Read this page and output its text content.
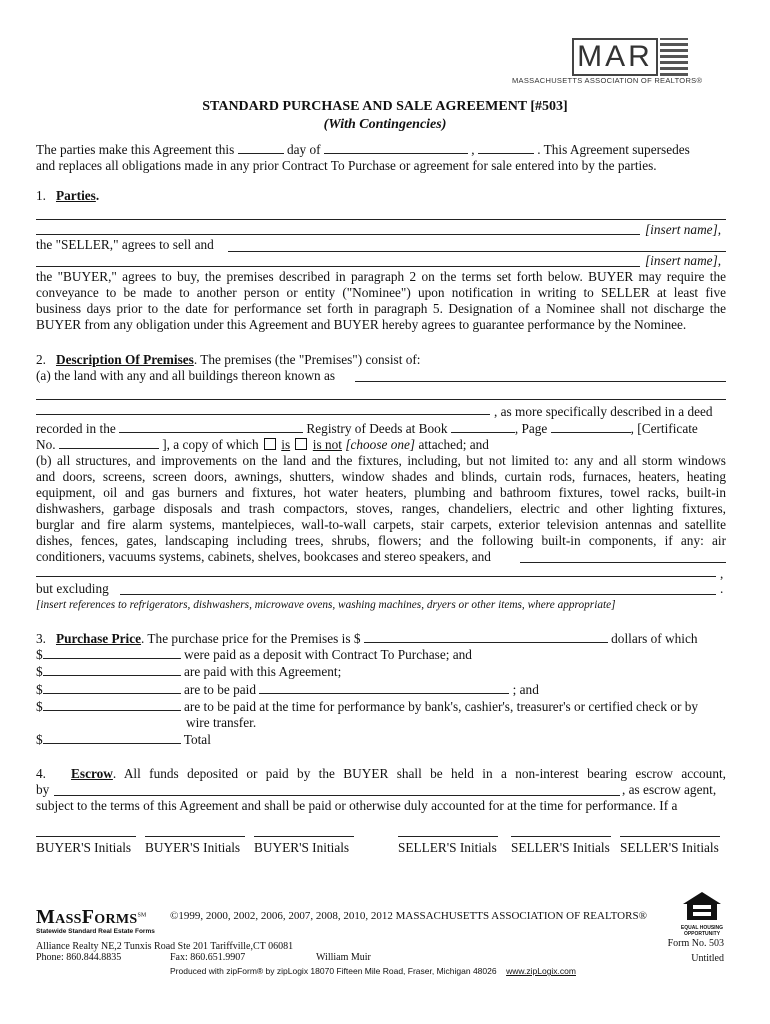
MAR
MASSACHUSETTS ASSOCIATION OF REALTORS®
STANDARD PURCHASE AND SALE AGREEMENT [#503]
(With Contingencies)
The parties make this Agreement this	day of	,	. This Agreement supersedes
and replaces all obligations made in any prior Contract To Purchase or agreement for sale entered into by the parties.
1. Parties.
[insert name],
the "SELLER," agrees to sell and
[insert name],
the "BUYER," agrees to buy, the premises described in paragraph 2 on the terms set forth below. BUYER may require the
conveyance to be made to another person or entity ("Nominee") upon notification in writing to SELLER at least five
business days prior to the date for performance set forth in paragraph 5. Designation of a Nominee shall not discharge the
BUYER from any obligation under this Agreement and BUYER hereby agrees to guarantee performance by the Nominee.
2. Description Of Premises. The premises (the "Premises") consist of:
(a) the land with any and all buildings thereon known as
, as more specifically described in a deed
recorded in the	Registry of Deeds at Book	, Page	, [Certificate
No.	], a copy of which is is not [choose one] attached; and
(b) all structures, and improvements on the land and the fixtures, including, but not limited to: any and all storm windows
and doors, screens, screen doors, awnings, shutters, window shades and blinds, curtain rods, furnaces, heaters, heating
equipment, oil and gas burners and fixtures, hot water heaters, plumbing and bathroom fixtures, towel racks, built-in
dishwashers, garbage disposals and trash compactors, stoves, ranges, chandeliers, electric and other lighting fixtures,
burglar and fire alarm systems, mantelpieces, wall-to-wall carpets, stair carpets, exterior television antennas and satellite
dishes, fences, gates, landscaping including trees, shrubs, flowers; and the following built-in components, if any: air
conditioners, vacuums systems, cabinets, shelves, bookcases and stereo speakers, and
,
but excluding	.
[insert references to refrigerators, dishwashers, microwave ovens, washing machines, dryers or other items, where appropriate]
3. Purchase Price. The purchase price for the Premises is $	dollars of which
$	were paid as a deposit with Contract To Purchase; and
$	are paid with this Agreement;
$	are to be paid	; and
$	are to be paid at the time for performance by bank's, cashier's, treasurer's or certified check or by
wire transfer.
$	Total
4. Escrow. All funds deposited or paid by the BUYER shall be held in a non-interest bearing escrow account,
by	, as escrow agent,
subject to the terms of this Agreement and shall be paid or otherwise duly accounted for at the time for performance. If a
BUYER'S Initials BUYER'S Initials BUYER'S Initials	SELLER'S Initials SELLER'S Initials SELLER'S Initials
MassForms℠
Statewide Standard Real Estate Forms
©1999, 2000, 2002, 2006, 2007, 2008, 2010, 2012 MASSACHUSETTS ASSOCIATION OF REALTORS®
EQUAL HOUSING OPPORTUNITY
Form No. 503
Untitled
Alliance Realty NE,2 Tunxis Road Ste 201 Tariffville,CT 06081
Phone: 860.844.8835	Fax: 860.651.9907	William Muir
Produced with zipForm® by zipLogix 18070 Fifteen Mile Road, Fraser, Michigan 48026 www.zipLogix.com
